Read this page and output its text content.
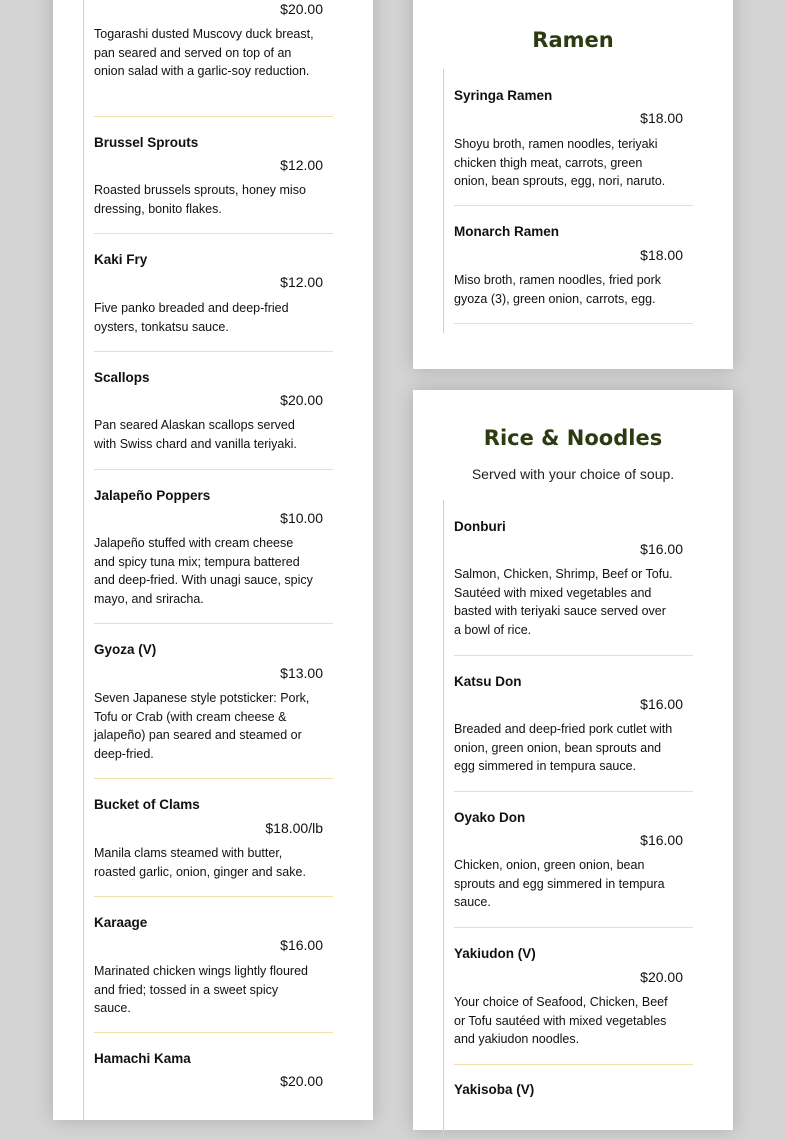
$20.00
Togarashi dusted Muscovy duck breast, pan seared and served on top of an onion salad with a garlic-soy reduction.
Brussel Sprouts
$12.00
Roasted brussels sprouts, honey miso dressing, bonito flakes.
Kaki Fry
$12.00
Five panko breaded and deep-fried oysters, tonkatsu sauce.
Scallops
$20.00
Pan seared Alaskan scallops served with Swiss chard and vanilla teriyaki.
Jalapeño Poppers
$10.00
Jalapeño stuffed with cream cheese and spicy tuna mix; tempura battered and deep-fried. With unagi sauce, spicy mayo, and sriracha.
Gyoza (V)
$13.00
Seven Japanese style potsticker: Pork, Tofu or Crab (with cream cheese & jalapeño) pan seared and steamed or deep-fried.
Bucket of Clams
$18.00/lb
Manila clams steamed with butter, roasted garlic, onion, ginger and sake.
Karaage
$16.00
Marinated chicken wings lightly floured and fried; tossed in a sweet spicy sauce.
Hamachi Kama
$20.00
Ramen
Syringa Ramen
$18.00
Shoyu broth, ramen noodles, teriyaki chicken thigh meat, carrots, green onion, bean sprouts, egg, nori, naruto.
Monarch Ramen
$18.00
Miso broth, ramen noodles, fried pork gyoza (3), green onion, carrots, egg.
Rice & Noodles
Served with your choice of soup.
Donburi
$16.00
Salmon, Chicken, Shrimp, Beef or Tofu. Sautéed with mixed vegetables and basted with teriyaki sauce served over a bowl of rice.
Katsu Don
$16.00
Breaded and deep-fried pork cutlet with onion, green onion, bean sprouts and egg simmered in tempura sauce.
Oyako Don
$16.00
Chicken, onion, green onion, bean sprouts and egg simmered in tempura sauce.
Yakiudon (V)
$20.00
Your choice of Seafood, Chicken, Beef or Tofu sautéed with mixed vegetables and yakiudon noodles.
Yakisoba (V)
